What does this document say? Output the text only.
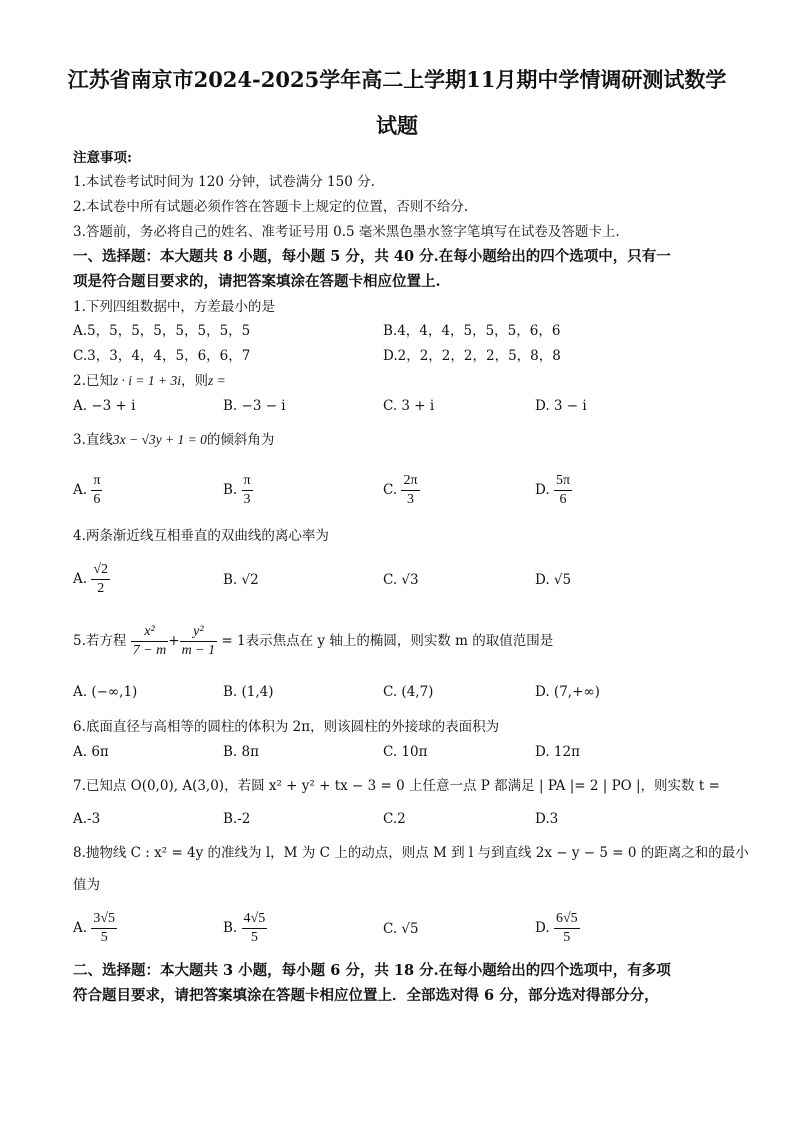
江苏省南京市2024-2025学年高二上学期11月期中学情调研测试数学
试题
注意事项:
1.本试卷考试时间为 120 分钟，试卷满分 150 分.
2.本试卷中所有试题必须作答在答题卡上规定的位置，否则不给分.
3.答题前，务必将自己的姓名、准考证号用 0.5 毫米黑色墨水签字笔填写在试卷及答题卡上.
一、选择题：本大题共 8 小题，每小题 5 分，共 40 分.在每小题给出的四个选项中，只有一
项是符合题目要求的，请把答案填涂在答题卡相应位置上.
1.下列四组数据中，方差最小的是
A.5，5，5，5，5，5，5，5	B.4，4，4，5，5，5，6，6
C.3，3，4，4，5，6，6，7	D.2，2，2，2，2，5，8，8
2.已知z · i = 1 + 3i，则z =
A. −3 + i	B. −3 − i	C. 3 + i	D. 3 − i
3.直线3x − √3y + 1 = 0的倾斜角为
A. $\frac{\pi}{6}$	B. $\frac{\pi}{3}$	C. $\frac{2\pi}{3}$	D. $\frac{5\pi}{6}$
4.两条渐近线互相垂直的双曲线的离心率为
A. $\frac{√2}{2}$	B. √2	C. √3	D. √5
5.若方程 $\frac{\text{x²}}{7 - m} + \frac{\text{y²}}{m - 1} = 1$表示焦点在 y 轴上的椭圆，则实数 m 的取值范围是
A. (−∞,1)	B. (1,4)	C. (4,7)	D. (7,+∞)
6.底面直径与高相等的圆柱的体积为 2π，则该圆柱的外接球的表面积为
A. 6π	B. 8π	C. 10π	D. 12π
7.已知点 O(0,0), A(3,0)，若圆 x² + y² + tx − 3 = 0 上任意一点 P 都满足 | PA |= 2 | PO |，则实数 t =
A.-3	B.-2	C.2	D.3
8.抛物线 C : x² = 4y 的准线为 l，M 为 C 上的动点，则点 M 到 l 与到直线 2x − y − 5 = 0 的距离之和的最小
值为
A. $\frac{3√5}{5}$	B. $\frac{4√5}{5}$	C. √5	D. $\frac{6√5}{5}$
二、选择题：本大题共 3 小题，每小题 6 分，共 18 分.在每小题给出的四个选项中，有多项
符合题目要求，请把答案填涂在答题卡相应位置上．全部选对得 6 分，部分选对得部分分，
